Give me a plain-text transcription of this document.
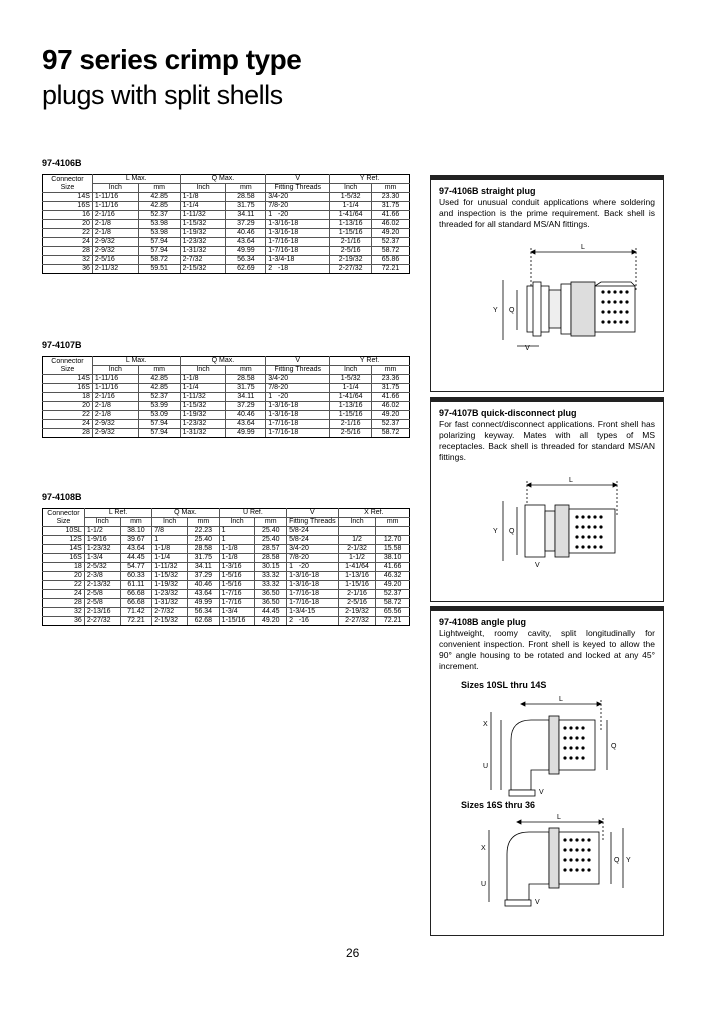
97 series crimp type
plugs with split shells
97-4106B
Connector
Size	L Max.		Q Max.		V	Y Ref.	
	Inch	mm	Inch	mm	Fitting Threads	Inch	mm
14S	1-11/16	42.85	1-1/8	28.58	3/4-20	1-5/32	23.30
16S	1-11/16	42.85	1-1/4	31.75	7/8-20	1-1/4	31.75
16	2-1/16	52.37	1-11/32	34.11	1   -20	1-41/64	41.66
20	2-1/8	53.98	1-15/32	37.29	1-3/16-18	1-13/16	46.02
22	2-1/8	53.98	1-19/32	40.46	1-3/16-18	1-15/16	49.20
24	2-9/32	57.94	1-23/32	43.64	1-7/16-18	2-1/16	52.37
28	2-9/32	57.94	1-31/32	49.99	1-7/16-18	2-5/16	58.72
32	2-5/16	58.72	2-7/32	56.34	1-3/4-18	2-19/32	65.86
36	2-11/32	59.51	2-15/32	62.69	2   -18	2-27/32	72.21
97-4107B
Connector
Size	L Max.		Q Max.		V	Y Ref.	
	Inch	mm	Inch	mm	Fitting Threads	Inch	mm
14S	1-11/16	42.85	1-1/8	28.58	3/4-20	1-5/32	23.36
16S	1-11/16	42.85	1-1/4	31.75	7/8-20	1-1/4	31.75
18	2-1/16	52.37	1-11/32	34.11	1   -20	1-41/64	41.66
20	2-1/8	53.99	1-15/32	37.29	1-3/16-18	1-13/16	46.02
22	2-1/8	53.09	1-19/32	40.46	1-3/16-18	1-15/16	49.20
24	2-9/32	57.94	1-23/32	43.64	1-7/16-18	2-1/16	52.37
28	2-9/32	57.94	1-31/32	49.99	1-7/16-18	2-5/16	58.72
97-4108B
Connector
Size	L Ref.		Q Max.		U Ref.		V	X Ref.	
	Inch	mm	Inch	mm	Inch	mm	Fitting Threads	Inch	mm
10SL	1-1/2	38.10	7/8	22.23	1	25.40	5/8-24		
12S	1-9/16	39.67	1	25.40	1	25.40	5/8-24	1/2	12.70
14S	1-23/32	43.64	1-1/8	28.58	1-1/8	28.57	3/4-20	2-1/32	15.58
16S	1-3/4	44.45	1-1/4	31.75	1-1/8	28.58	7/8-20	1-1/2	38.10
18	2-5/32	54.77	1-11/32	34.11	1-3/16	30.15	1   -20	1-41/64	41.66
20	2-3/8	60.33	1-15/32	37.29	1-5/16	33.32	1-3/16-18	1-13/16	46.32
22	2-13/32	61.11	1-19/32	40.46	1-5/16	33.32	1-3/16-18	1-15/16	49.20
24	2-5/8	66.68	1-23/32	43.64	1-7/16	36.50	1-7/16-18	2-1/16	52.37
28	2-5/8	66.68	1-31/32	49.99	1-7/16	36.50	1-7/16-18	2-5/16	58.72
32	2-13/16	71.42	2-7/32	56.34	1-3/4	44.45	1-3/4-15	2-19/32	65.56
36	2-27/32	72.21	2-15/32	62.68	1-15/16	49.20	2   -16	2-27/32	72.21
97-4106B straight plug

Used for unusual conduit applications where soldering and inspection is the prime requirement. Back shell is threaded for all standard MS/AN fittings.

L
Y Q
V
97-4107B quick-disconnect plug

For fast connect/disconnect applications. Front shell has polarizing keyway. Mates with all types of MS receptacles. Back shell is threaded for standard MS/AN fittings.

L
Y Q
V
97-4108B angle plug

Lightweight, roomy cavity, split longitudinally for convenient inspection. Front shell is keyed to allow the 90° angle housing to be rotated and locked at any 45° increment.

Sizes 10SL thru 14S
L
X
U
Q
V
Sizes 16S thru 36
L
X
U
Q Y
V
26
